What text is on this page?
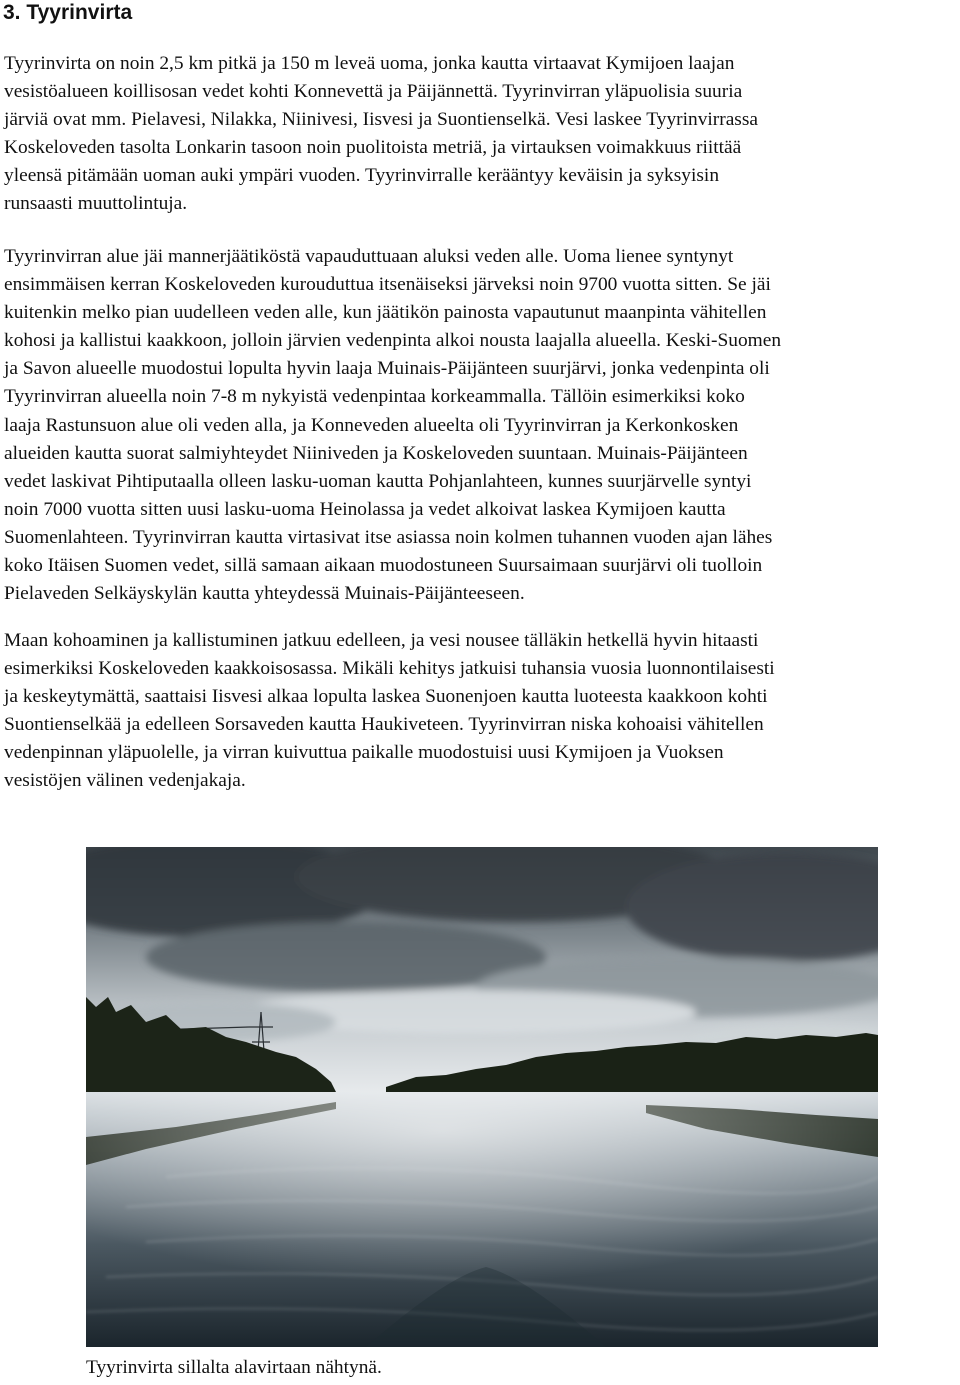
3. Tyyrinvirta
Tyyrinvirta on noin 2,5 km pitkä ja 150 m leveä uoma, jonka kautta virtaavat Kymijoen laajan
vesistöalueen koillisosan vedet kohti Konnevettä ja Päijännettä. Tyyrinvirran yläpuolisia suuria
järviä ovat mm. Pielavesi, Nilakka, Niinivesi, Iisvesi ja Suontienselkä. Vesi laskee Tyyrinvirrassa
Koskeloveden tasolta Lonkarin tasoon noin puolitoista metriä, ja virtauksen voimakkuus riittää
yleensä pitämään uoman auki ympäri vuoden. Tyyrinvirralle kerääntyy keväisin ja syksyisin
runsaasti muuttolintuja.
Tyyrinvirran alue jäi mannerjäätiköstä vapauduttuaan aluksi veden alle. Uoma lienee syntynyt
ensimmäisen kerran Koskeloveden kurouduttua itsenäiseksi järveksi noin 9700 vuotta sitten. Se jäi
kuitenkin melko pian uudelleen veden alle, kun jäätikön painosta vapautunut maanpinta vähitellen
kohosi ja kallistui kaakkoon, jolloin järvien vedenpinta alkoi nousta laajalla alueella. Keski-Suomen
ja Savon alueelle muodostui lopulta hyvin laaja Muinais-Päijänteen suurjärvi, jonka vedenpinta oli
Tyyrinvirran alueella noin 7-8 m nykyistä vedenpintaa korkeammalla. Tällöin esimerkiksi koko
laaja Rastunsuon alue oli veden alla, ja Konneveden alueelta oli Tyyrinvirran ja Kerkonkosken
alueiden kautta suorat salmiyhteydet Niiniveden ja Koskeloveden suuntaan. Muinais-Päijänteen
vedet laskivat Pihtiputaalla olleen lasku-uoman kautta Pohjanlahteen, kunnes suurjärvelle syntyi
noin 7000 vuotta sitten uusi lasku-uoma Heinolassa ja vedet alkoivat laskea Kymijoen kautta
Suomenlahteen. Tyyrinvirran kautta virtasivat itse asiassa noin kolmen tuhannen vuoden ajan lähes
koko Itäisen Suomen vedet, sillä samaan aikaan muodostuneen Suursaimaan suurjärvi oli tuolloin
Pielaveden Selkäyskylän kautta yhteydessä Muinais-Päijänteeseen.
Maan kohoaminen ja kallistuminen jatkuu edelleen, ja vesi nousee tälläkin hetkellä hyvin hitaasti
esimerkiksi Koskeloveden kaakkoisosassa. Mikäli kehitys jatkuisi tuhansia vuosia luonnontilaisesti
ja keskeytymättä, saattaisi Iisvesi alkaa lopulta laskea Suonenjoen kautta luoteesta kaakkoon kohti
Suontienselkää ja edelleen Sorsaveden kautta Haukiveteen. Tyyrinvirran niska kohoaisi vähitellen
vedenpinnan yläpuolelle, ja virran kuivuttua paikalle muodostuisi uusi Kymijoen ja Vuoksen
vesistöjen välinen vedenjakaja.

Tyyrinvirta sillalta alavirtaan nähtynä.
